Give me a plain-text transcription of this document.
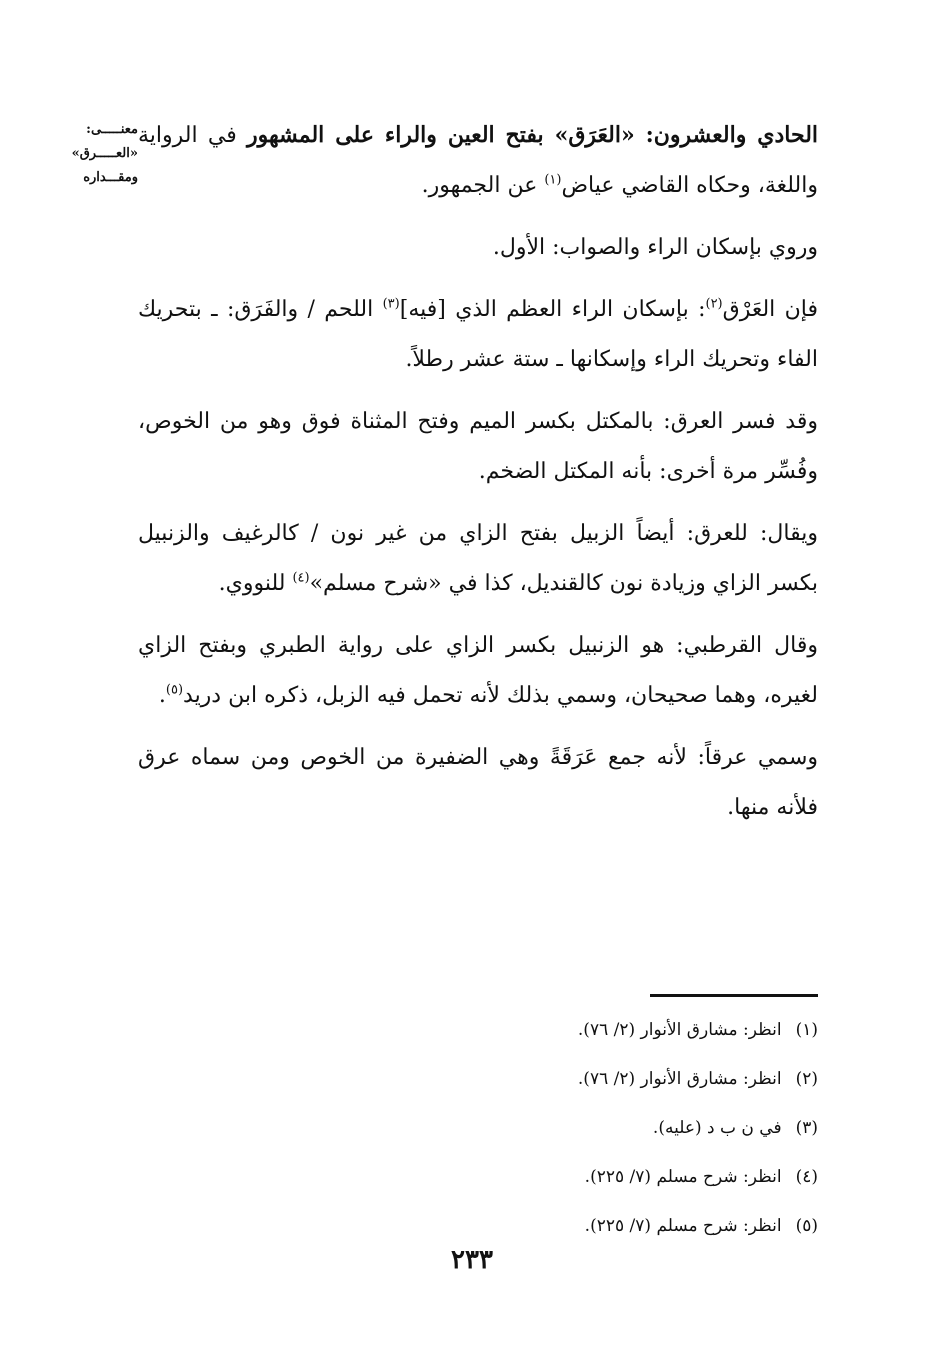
معنـــــى:
«العـــــرق»
ومقـــداره

الحادي والعشرون: «العَرَق» بفتح العين والراء على المشهور في الرواية واللغة، وحكاه القاضي عياض$^{(١)}$ عن الجمهور.

وروي بإسكان الراء والصواب: الأول.

فإن العَرْق$^{(٢)}$: بإسكان الراء العظم الذي [فيه]$^{(٣)}$ اللحم / والفَرَق: ـ بتحريك الفاء وتحريك الراء وإسكانها ـ ستة عشر رطلاً.

وقد فسر العرق: بالمكتل بكسر الميم وفتح المثناة فوق وهو من الخوص، وفُسِّر مرة أخرى: بأنه المكتل الضخم.

ويقال: للعرق: أيضاً الزبيل بفتح الزاي من غير نون / كالرغيف والزنبيل بكسر الزاي وزيادة نون كالقنديل، كذا في «شرح مسلم»$^{(٤)}$ للنووي.

وقال القرطبي: هو الزنبيل بكسر الزاي على رواية الطبري وبفتح الزاي لغيره، وهما صحيحان، وسمي بذلك لأنه تحمل فيه الزبل، ذكره ابن دريد$^{(٥)}$.

وسمي عرقاً: لأنه جمع عَرَقَةً وهي الضفيرة من الخوص ومن سماه عرق فلأنه منها.

(١)انظر: مشارق الأنوار (٢/ ٧٦).
(٢)انظر: مشارق الأنوار (٢/ ٧٦).
(٣)في ن ب د (عليه).
(٤)انظر: شرح مسلم (٧/ ٢٢٥).
(٥)انظر: شرح مسلم (٧/ ٢٢٥).
٢٣٣
